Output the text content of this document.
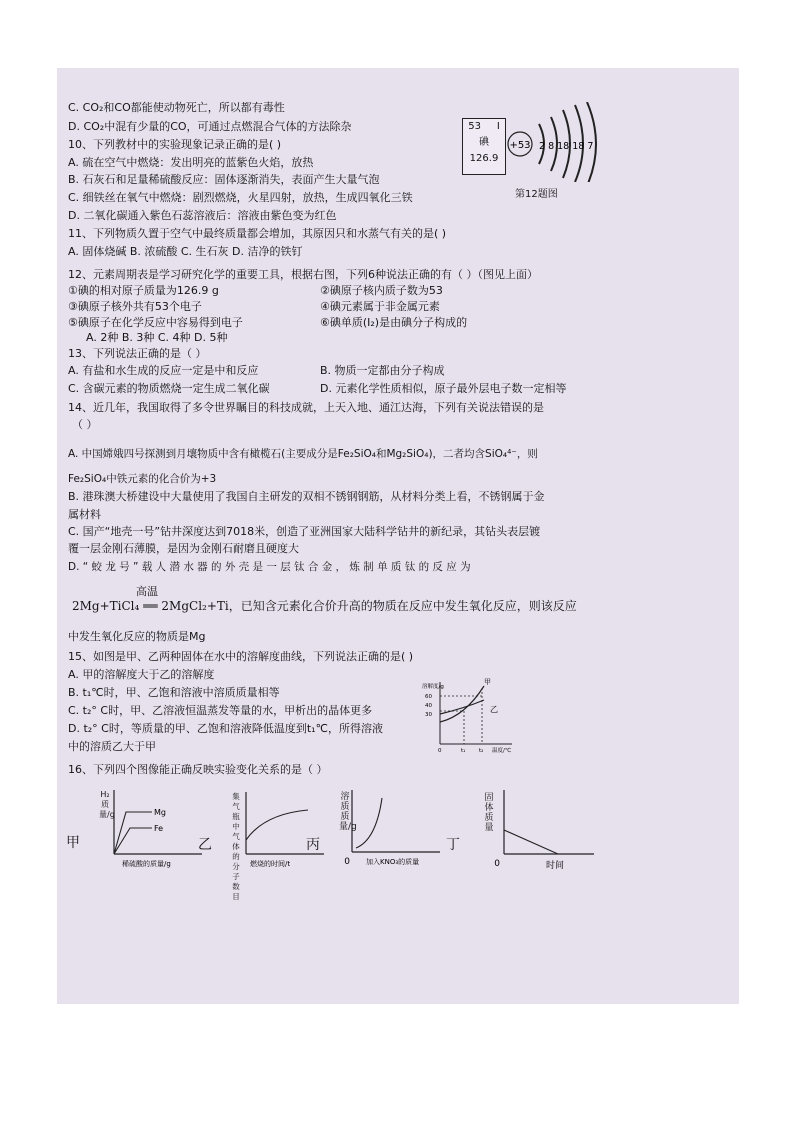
C. CO₂和CO都能使动物死亡，所以都有毒性
D. CO₂中混有少量的CO，可通过点燃混合气体的方法除杂
10、下列教材中的实验现象记录正确的是( )
A. 硫在空气中燃烧：发出明亮的蓝紫色火焰，放热
B. 石灰石和足量稀硫酸反应：固体逐渐消失，表面产生大量气泡
C. 细铁丝在氧气中燃烧：剧烈燃烧，火星四射，放热，生成四氧化三铁
D. 二氧化碳通入紫色石蕊溶液后：溶液由紫色变为红色
11、下列物质久置于空气中最终质量都会增加，其原因只和水蒸气有关的是( )
A. 固体烧碱 B. 浓硫酸 C. 生石灰 D. 洁净的铁钉
12、元素周期表是学习研究化学的重要工具，根据右图，下列6种说法正确的有（ ）（图见上面）
①碘的相对原子质量为126.9 g	②碘原子核内质子数为53
③碘原子核外共有53个电子	④碘元素属于非金属元素
⑤碘原子在化学反应中容易得到电子	⑥碘单质(I₂)是由碘分子构成的
A. 2种 B. 3种 C. 4种 D. 5种
13、下列说法正确的是（ ）
A. 有盐和水生成的反应一定是中和反应	B. 物质一定都由分子构成
C. 含碳元素的物质燃烧一定生成二氧化碳	D. 元素化学性质相似，原子最外层电子数一定相等
14、近几年，我国取得了多令世界瞩目的科技成就，上天入地、通江达海，下列有关说法错误的是
（ ）
A. 中国嫦娥四号探测到月壤物质中含有橄榄石(主要成分是Fe₂SiO₄和Mg₂SiO₄)，二者均含SiO₄⁴⁻，则
Fe₂SiO₄中铁元素的化合价为+3
B. 港珠澳大桥建设中大量使用了我国自主研发的双相不锈钢钢筋，从材料分类上看，不锈钢属于金
属材料
C. 国产“地壳一号”钻井深度达到7018米，创造了亚洲国家大陆科学钻井的新纪录，其钻头表层镀
覆一层金刚石薄膜，是因为金刚石耐磨且硬度大
D. “ 蛟 龙 号 ” 载 人 潜 水 器 的 外 壳 是 一 层 钛 合 金 ， 炼 制 单 质 钛 的 反 应 为
高温
2Mg+TiCl₄ ══ 2MgCl₂+Ti，已知含元素化合价升高的物质在反应中发生氧化反应，则该反应
中发生氧化反应的物质是Mg
15、如图是甲、乙两种固体在水中的溶解度曲线，下列说法正确的是( )
A. 甲的溶解度大于乙的溶解度
B. t₁℃时，甲、乙饱和溶液中溶质质量相等
C. t₂° C时，甲、乙溶液恒温蒸发等量的水，甲析出的晶体更多
D. t₂° C时，等质量的甲、乙饱和溶液降低温度到t₁℃，所得溶液
中的溶质乙大于甲
16、下列四个图像能正确反映实验变化关系的是（ ）
53 I
碘
126.9
+53 2 8 18 18 7
第12题图
甲
乙
溶解度/g
60
40
30
0	t₁ t₂ 温度/℃
甲
Mg
Fe
稀硫酸的质量/g
H₂质量/g
乙
燃烧的时间/t
集气瓶中气体的分子数目
丙
0 加入KNO₃的质量
溶质质量/g
丁
0	时间
固体质量
